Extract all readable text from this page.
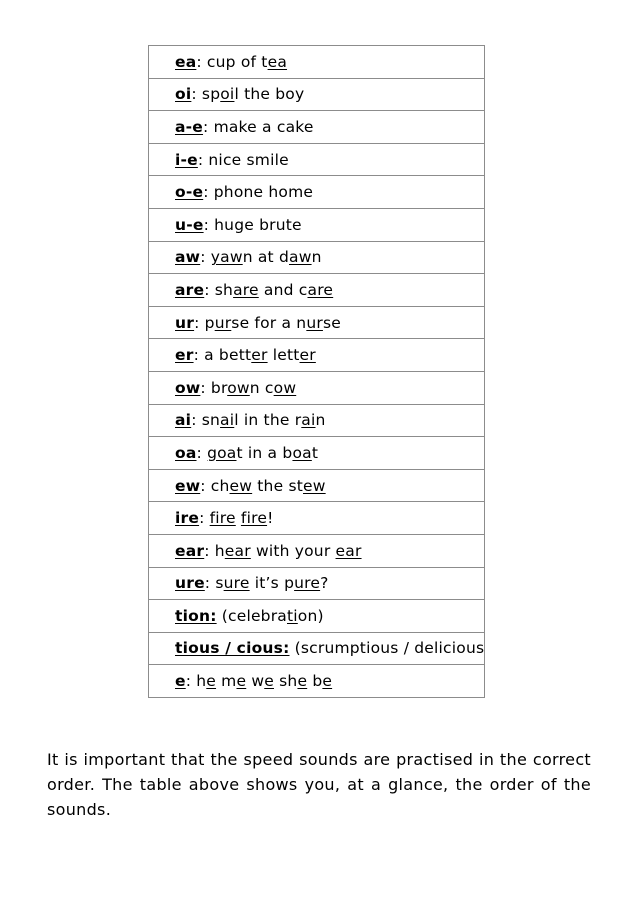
ea: cup of tea
oi: spoil the boy
a-e: make a cake
i-e: nice smile
o-e: phone home
u-e: huge brute
aw: yawn at dawn
are: share and care
ur: purse for a nurse
er: a better letter
ow: brown cow
ai: snail in the rain
oa: goat in a boat
ew: chew the stew
ire: fire fire!
ear: hear with your ear
ure: sure it’s pure?
tion: (celebration)
tious / cious: (scrumptious / delicious
e: he me we she be

It is important that the speed sounds are practised in the correct order. The table above shows you, at a glance, the order of the sounds.
